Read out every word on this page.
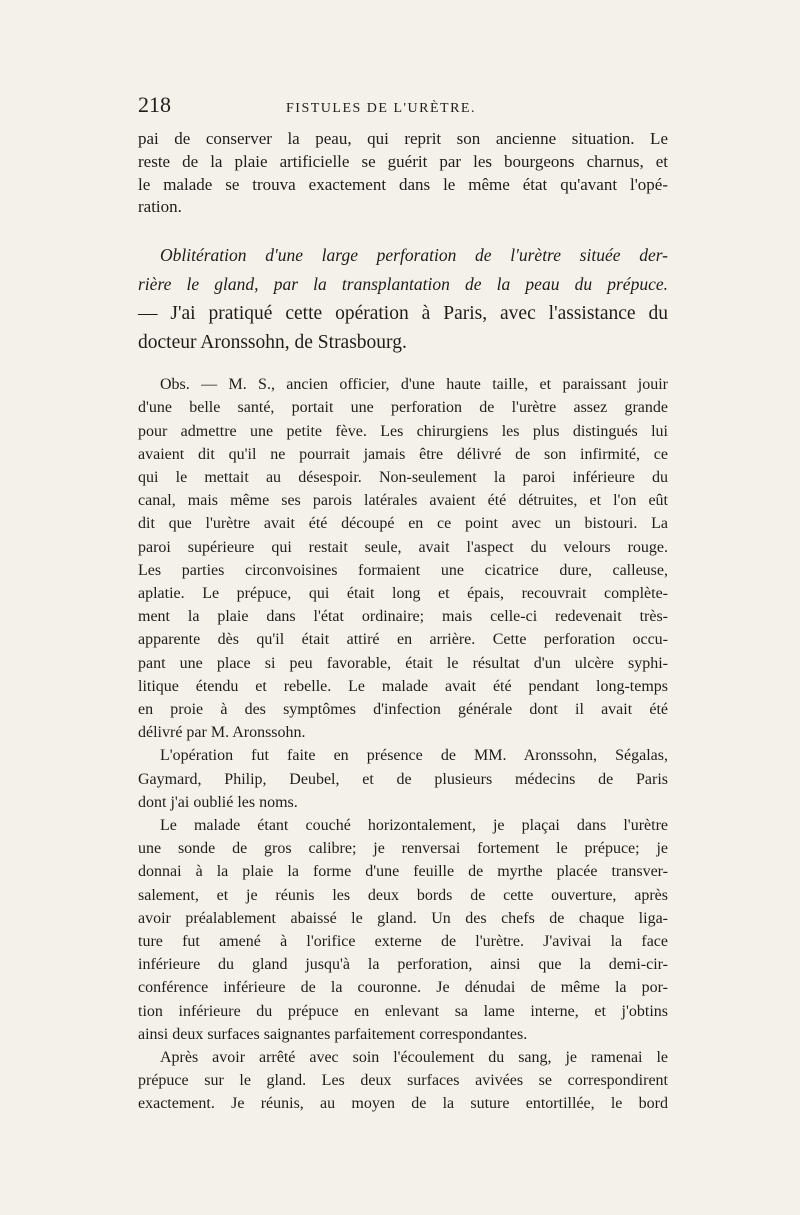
218	FISTULES DE L'URÈTRE.

pai de conserver la peau, qui reprit son ancienne situation. Le
reste de la plaie artificielle se guérit par les bourgeons charnus, et
le malade se trouva exactement dans le même état qu'avant l'opé-
ration.

Oblitération d'une large perforation de l'urètre située der-
rière le gland, par la transplantation de la peau du prépuce.
— J'ai pratiqué cette opération à Paris, avec l'assistance du
docteur Aronssohn, de Strasbourg.

Obs. — M. S., ancien officier, d'une haute taille, et paraissant jouir
d'une belle santé, portait une perforation de l'urètre assez grande
pour admettre une petite fève. Les chirurgiens les plus distingués lui
avaient dit qu'il ne pourrait jamais être délivré de son infirmité, ce
qui le mettait au désespoir. Non-seulement la paroi inférieure du
canal, mais même ses parois latérales avaient été détruites, et l'on eût
dit que l'urètre avait été découpé en ce point avec un bistouri. La
paroi supérieure qui restait seule, avait l'aspect du velours rouge.
Les parties circonvoisines formaient une cicatrice dure, calleuse,
aplatie. Le prépuce, qui était long et épais, recouvrait complète-
ment la plaie dans l'état ordinaire; mais celle-ci redevenait très-
apparente dès qu'il était attiré en arrière. Cette perforation occu-
pant une place si peu favorable, était le résultat d'un ulcère syphi-
litique étendu et rebelle. Le malade avait été pendant long-temps
en proie à des symptômes d'infection générale dont il avait été
délivré par M. Aronssohn.

L'opération fut faite en présence de MM. Aronssohn, Ségalas,
Gaymard, Philip, Deubel, et de plusieurs médecins de Paris
dont j'ai oublié les noms.

Le malade étant couché horizontalement, je plaçai dans l'urètre
une sonde de gros calibre; je renversai fortement le prépuce; je
donnai à la plaie la forme d'une feuille de myrthe placée transver-
salement, et je réunis les deux bords de cette ouverture, après
avoir préalablement abaissé le gland. Un des chefs de chaque liga-
ture fut amené à l'orifice externe de l'urètre. J'avivai la face
inférieure du gland jusqu'à la perforation, ainsi que la demi-cir-
conférence inférieure de la couronne. Je dénudai de même la por-
tion inférieure du prépuce en enlevant sa lame interne, et j'obtins
ainsi deux surfaces saignantes parfaitement correspondantes.

Après avoir arrêté avec soin l'écoulement du sang, je ramenai le
prépuce sur le gland. Les deux surfaces avivées se correspondirent
exactement. Je réunis, au moyen de la suture entortillée, le bord
